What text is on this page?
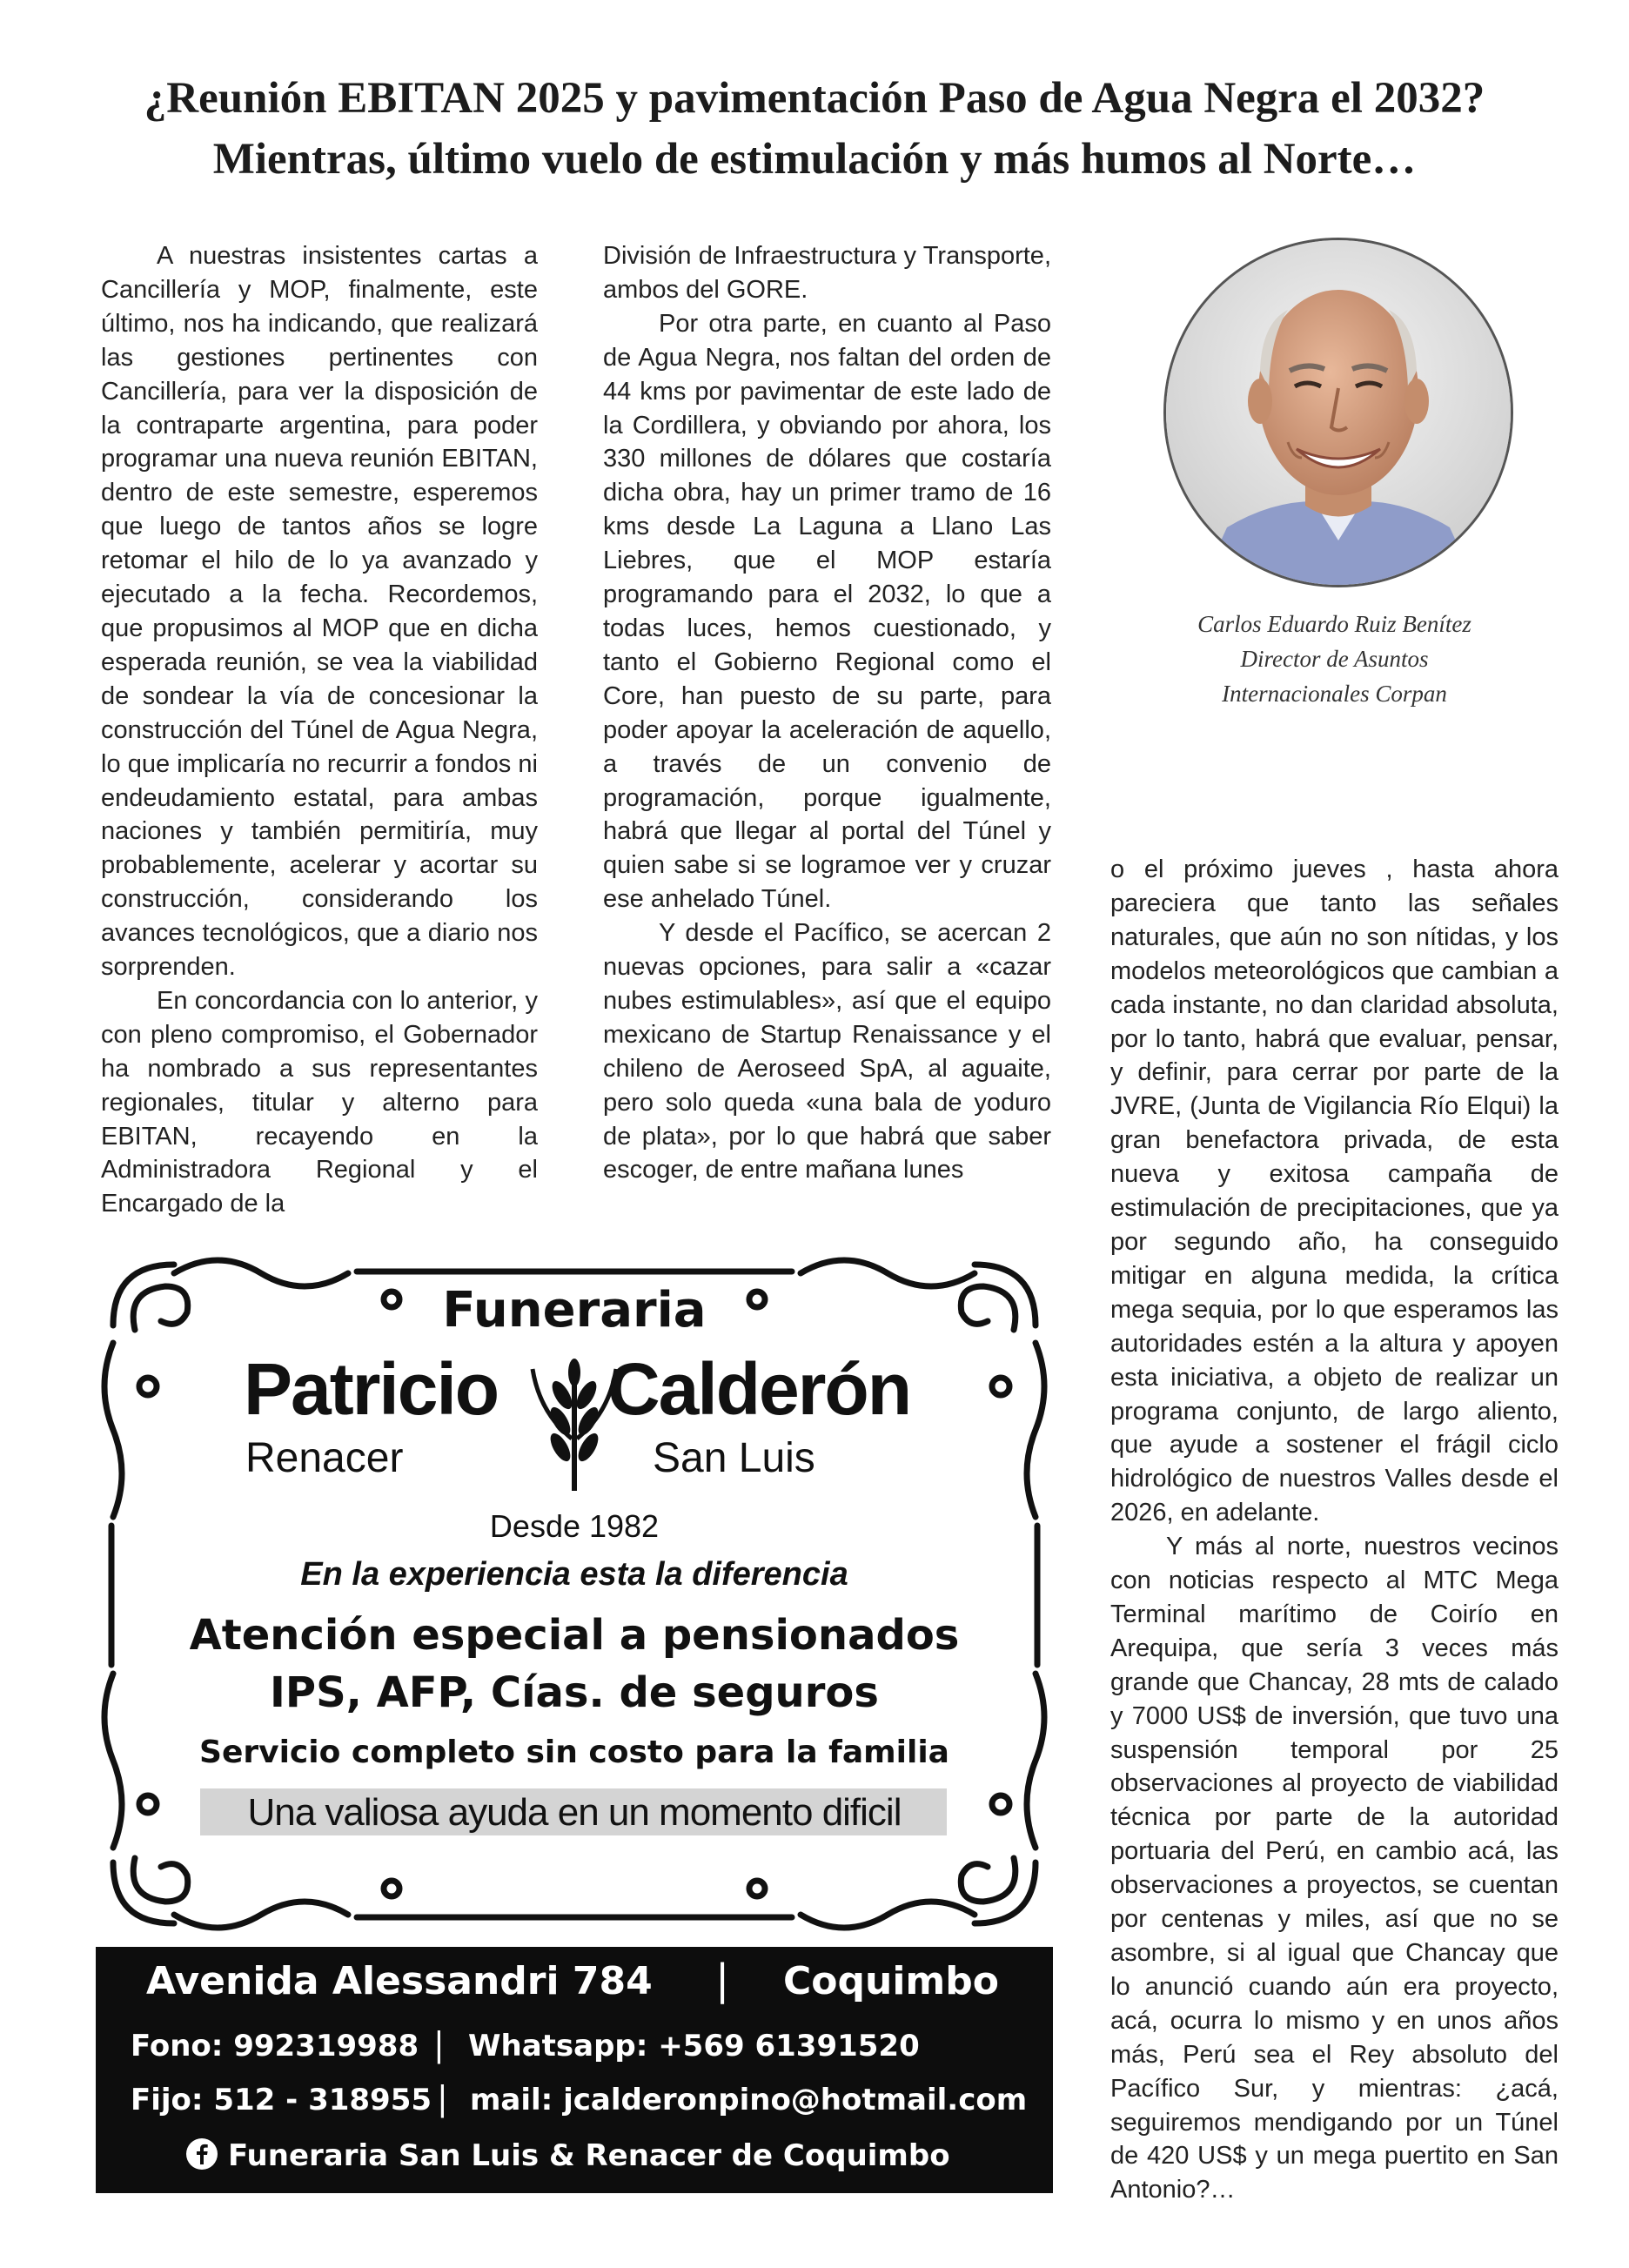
¿Reunión EBITAN 2025 y pavimentación Paso de Agua Negra el 2032?
Mientras, último vuelo de estimulación y más humos al Norte…

A nuestras insistentes cartas a Cancillería y MOP, finalmente, este último, nos ha indicando, que realizará las gestiones pertinentes con Cancillería, para ver la disposición de la contraparte argentina, para poder programar una nueva reunión EBITAN, dentro de este semestre, esperemos que luego de tantos años se logre retomar el hilo de lo ya avanzado y ejecutado a la fecha. Recordemos, que propusimos al MOP que en dicha esperada reunión, se vea la viabilidad de sondear la vía de concesionar la construcción del Túnel de Agua Negra, lo que implicaría no recurrir a fondos ni endeudamiento estatal, para ambas naciones y también permitiría, muy probablemente, acelerar y acortar su construcción, considerando los avances tecnológicos, que a diario nos sorprenden.

En concordancia con lo anterior, y con pleno compromiso, el Gobernador ha nombrado a sus representantes regionales, titular y alterno para EBITAN, recayendo en la Administradora Regional y el Encargado de la

División de Infraestructura y Transporte, ambos del GORE.

Por otra parte, en cuanto al Paso de Agua Negra, nos faltan del orden de 44 kms por pavimentar de este lado de la Cordillera, y obviando por ahora, los 330 millones de dólares que costaría dicha obra, hay un primer tramo de 16 kms desde La Laguna a Llano Las Liebres, que el MOP estaría programando para el 2032, lo que a todas luces, hemos cuestionado, y tanto el Gobierno Regional como el Core, han puesto de su parte, para poder apoyar la aceleración de aquello, a través de un convenio de programación, porque igualmente, habrá que llegar al portal del Túnel y quien sabe si se logramoe ver y cruzar ese anhelado Túnel.

Y desde el Pacífico, se acercan 2 nuevas opciones, para salir a «cazar nubes estimulables», así que el equipo mexicano de Startup Renaissance y el chileno de Aeroseed SpA, al aguaite, pero solo queda «una bala de yoduro de plata», por lo que habrá que saber escoger, de entre mañana lunes

Carlos Eduardo Ruiz Benítez
Director de Asuntos
Internacionales Corpan

o el próximo jueves , hasta ahora pareciera que tanto las señales naturales, que aún no son nítidas, y los modelos meteorológicos que cambian a cada instante, no dan claridad absoluta, por lo tanto, habrá que evaluar, pensar, y definir, para cerrar por parte de la JVRE, (Junta de Vigilancia Río Elqui) la gran benefactora privada, de esta nueva y exitosa campaña de estimulación de precipitaciones, que ya por segundo año, ha conseguido mitigar en alguna medida, la crítica mega sequia, por lo que esperamos las autoridades estén a la altura y apoyen esta iniciativa, a objeto de realizar un programa conjunto, de largo aliento, que ayude a sostener el frágil ciclo hidrológico de nuestros Valles desde el 2026, en adelante.

Y más al norte, nuestros vecinos con noticias respecto al MTC Mega Terminal marítimo de Coirío en Arequipa, que sería 3 veces más grande que Chancay, 28 mts de calado y 7000 US$ de inversión, que tuvo una suspensión temporal por 25 observaciones al proyecto de viabilidad técnica por parte de la autoridad portuaria del Perú, en cambio acá, las observaciones a proyectos, se cuentan por centenas y miles, así que no se asombre, si al igual que Chancay que lo anunció cuando aún era proyecto, acá, ocurra lo mismo y en unos años más, Perú sea el Rey absoluto del Pacífico Sur, y mientras: ¿acá, seguiremos mendigando por un Túnel de 420 US$ y un mega puertito en San Antonio?…

Funeraria
Patricio	Calderón
Renacer	San Luis
Desde 1982
En la experiencia esta la diferencia
Atención especial a pensionados
IPS, AFP, Cías. de seguros
Servicio completo sin costo para la familia
Una valiosa ayuda en un momento dificil
Avenida Alessandri 784 | Coquimbo
Fono: 992319988 | Whatsapp: +569 61391520
Fijo: 512 - 318955 | mail: jcalderonpino@hotmail.com
Funeraria San Luis & Renacer de Coquimbo
